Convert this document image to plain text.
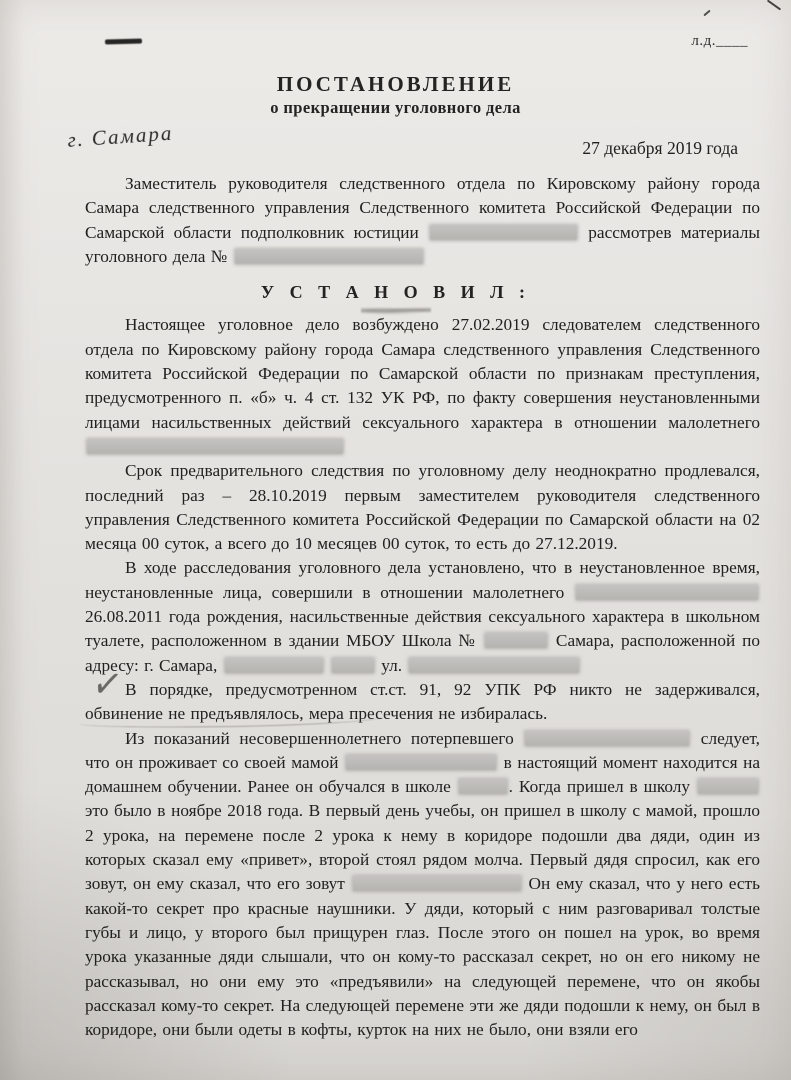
л.д.____
ПОСТАНОВЛЕНИЕ
о прекращении уголовного дела
г. Самара	27 декабря 2019 года

Заместитель руководителя следственного отдела по Кировскому району города Самара следственного управления Следственного комитета Российской Федерации по Самарской области подполковник юстиции	рассмотрев материалы уголовного дела №

У С Т А Н О В И Л :

Настоящее уголовное дело возбуждено 27.02.2019 следователем следственного отдела по Кировскому району города Самара следственного управления Следственного комитета Российской Федерации по Самарской области по признакам преступления, предусмотренного п. «б» ч. 4 ст. 132 УК РФ, по факту совершения неустановленными лицами насильственных действий сексуального характера в отношении малолетнего

Срок предварительного следствия по уголовному делу неоднократно продлевался, последний раз – 28.10.2019 первым заместителем руководителя следственного управления Следственного комитета Российской Федерации по Самарской области на 02 месяца 00 суток, а всего до 10 месяцев 00 суток, то есть до 27.12.2019.

В ходе расследования уголовного дела установлено, что в неустановленное время, неустановленные лица, совершили в отношении малолетнего  26.08.2011 года рождения, насильственные действия сексуального характера в школьном туалете, расположенном в здании МБОУ Школа №	Самара, расположенной по адресу: г. Самара,	ул.

✓ В порядке, предусмотренном ст.ст. 91, 92 УПК РФ никто не задерживался, обвинение не предъявлялось, мера пресечения не избиралась.

Из показаний несовершеннолетнего потерпевшего	следует, что он проживает со своей мамой	в настоящий момент находится на домашнем обучении. Ранее он обучался в школе	. Когда пришел в школу  это было в ноябре 2018 года. В первый день учебы, он пришел в школу с мамой, прошло 2 урока, на перемене после 2 урока к нему в коридоре подошли два дяди, один из которых сказал ему «привет», второй стоял рядом молча. Первый дядя спросил, как его зовут, он ему сказал, что его зовут	Он ему сказал, что у него есть какой-то секрет про красные наушники. У дяди, который с ним разговаривал толстые губы и лицо, у второго был прищурен глаз. После этого он пошел на урок, во время урока указанные дяди слышали, что он кому-то рассказал секрет, но он его никому не рассказывал, но они ему это «предъявили» на следующей перемене, что он якобы рассказал кому-то секрет. На следующей перемене эти же дяди подошли к нему, он был в коридоре, они были одеты в кофты, курток на них не было, они взяли его
